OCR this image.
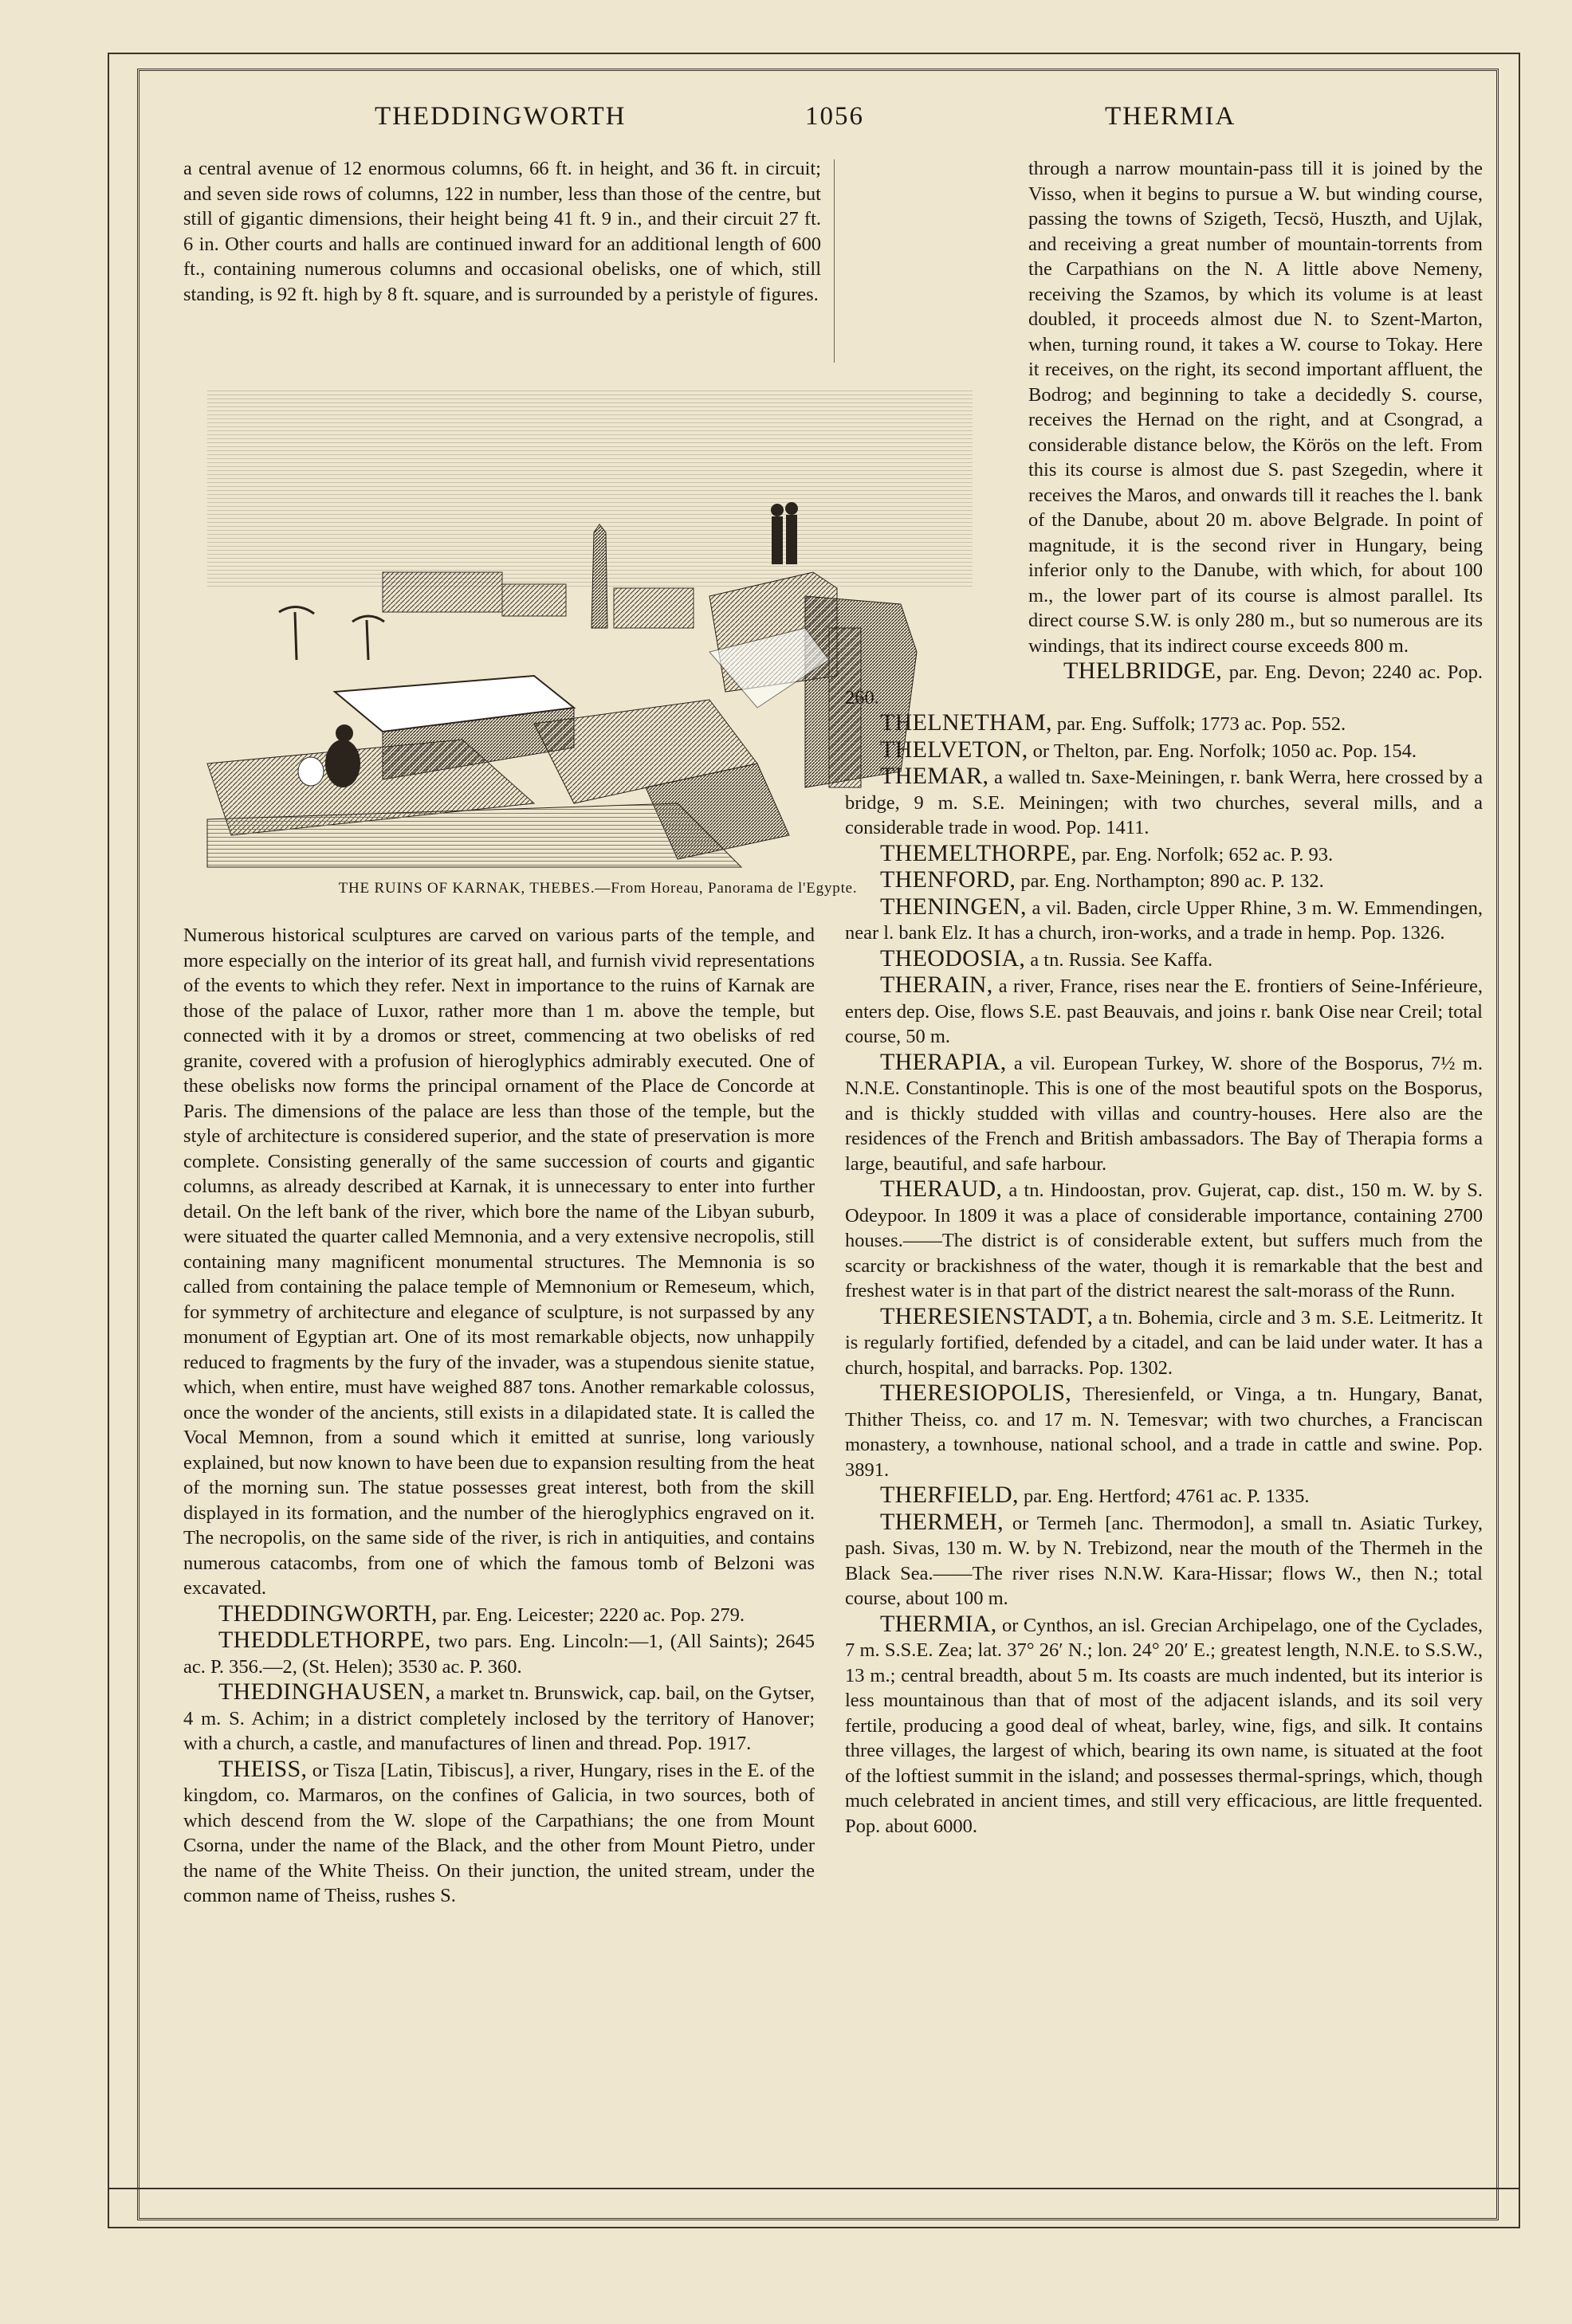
THEDDINGWORTH	1056	THERMIA

a central avenue of 12 enormous columns, 66 ft. in height, and 36 ft. in circuit; and seven side rows of columns, 122 in number, less than those of the centre, but still of gigantic dimensions, their height being 41 ft. 9 in., and their circuit 27 ft. 6 in. Other courts and halls are continued inward for an additional length of 600 ft., containing numerous columns and occasional obelisks, one of which, still standing, is 92 ft. high by 8 ft. square, and is surrounded by a peristyle of figures.

THE RUINS OF KARNAK, THEBES.—From Horeau, Panorama de l'Egypte.

Numerous historical sculptures are carved on various parts of the temple, and more especially on the interior of its great hall, and furnish vivid representations of the events to which they refer. Next in importance to the ruins of Karnak are those of the palace of Luxor, rather more than 1 m. above the temple, but connected with it by a dromos or street, commencing at two obelisks of red granite, covered with a profusion of hieroglyphics admirably executed. One of these obelisks now forms the principal ornament of the Place de Concorde at Paris. The dimensions of the palace are less than those of the temple, but the style of architecture is considered superior, and the state of preservation is more complete. Consisting generally of the same succession of courts and gigantic columns, as already described at Karnak, it is unnecessary to enter into further detail. On the left bank of the river, which bore the name of the Libyan suburb, were situated the quarter called Memnonia, and a very extensive necropolis, still containing many magnificent monumental structures. The Memnonia is so called from containing the palace temple of Memnonium or Remeseum, which, for symmetry of architecture and elegance of sculpture, is not surpassed by any monument of Egyptian art. One of its most remarkable objects, now unhappily reduced to fragments by the fury of the invader, was a stupendous sienite statue, which, when entire, must have weighed 887 tons. Another remarkable colossus, once the wonder of the ancients, still exists in a dilapidated state. It is called the Vocal Memnon, from a sound which it emitted at sunrise, long variously explained, but now known to have been due to expansion resulting from the heat of the morning sun. The statue possesses great interest, both from the skill displayed in its formation, and the number of the hieroglyphics engraved on it. The necropolis, on the same side of the river, is rich in antiquities, and contains numerous catacombs, from one of which the famous tomb of Belzoni was excavated.

THEDDINGWORTH, par. Eng. Leicester; 2220 ac. Pop. 279.

THEDDLETHORPE, two pars. Eng. Lincoln:—1, (All Saints); 2645 ac. P. 356.—2, (St. Helen); 3530 ac. P. 360.

THEDINGHAUSEN, a market tn. Brunswick, cap. bail, on the Gytser, 4 m. S. Achim; in a district completely inclosed by the territory of Hanover; with a church, a castle, and manufactures of linen and thread. Pop. 1917.

THEISS, or Tisza [Latin, Tibiscus], a river, Hungary, rises in the E. of the kingdom, co. Marmaros, on the confines of Galicia, in two sources, both of which descend from the W. slope of the Carpathians; the one from Mount Csorna, under the name of the Black, and the other from Mount Pietro, under the name of the White Theiss. On their junction, the united stream, under the common name of Theiss, rushes S.

through a narrow mountain-pass till it is joined by the Visso, when it begins to pursue a W. but winding course, passing the towns of Szigeth, Tecsö, Huszth, and Ujlak, and receiving a great number of mountain-torrents from the Carpathians on the N. A little above Nemeny, receiving the Szamos, by which its volume is at least doubled, it proceeds almost due N. to Szent-Marton, when, turning round, it takes a W. course to Tokay. Here it receives, on the right, its second important affluent, the Bodrog; and beginning to take a decidedly S. course, receives the Hernad on the right, and at Csongrad, a considerable distance below, the Körös on the left. From this its course is almost due S. past Szegedin, where it receives the Maros, and onwards till it reaches the l. bank of the Danube, about 20 m. above Belgrade. In point of magnitude, it is the second river in Hungary, being inferior only to the Danube, with which, for about 100 m., the lower part of its course is almost parallel. Its direct course S.W. is only 280 m., but so numerous are its windings, that its indirect course exceeds 800 m.

THELBRIDGE, par. Eng. Devon; 2240 ac. Pop. 260.

THELNETHAM, par. Eng. Suffolk; 1773 ac. Pop. 552.

THELVETON, or Thelton, par. Eng. Norfolk; 1050 ac. Pop. 154.

THEMAR, a walled tn. Saxe-Meiningen, r. bank Werra, here crossed by a bridge, 9 m. S.E. Meiningen; with two churches, several mills, and a considerable trade in wood. Pop. 1411.

THEMELTHORPE, par. Eng. Norfolk; 652 ac. P. 93.

THENFORD, par. Eng. Northampton; 890 ac. P. 132.

THENINGEN, a vil. Baden, circle Upper Rhine, 3 m. W. Emmendingen, near l. bank Elz. It has a church, iron-works, and a trade in hemp. Pop. 1326.

THEODOSIA, a tn. Russia. See Kaffa.

THERAIN, a river, France, rises near the E. frontiers of Seine-Inférieure, enters dep. Oise, flows S.E. past Beauvais, and joins r. bank Oise near Creil; total course, 50 m.

THERAPIA, a vil. European Turkey, W. shore of the Bosporus, 7½ m. N.N.E. Constantinople. This is one of the most beautiful spots on the Bosporus, and is thickly studded with villas and country-houses. Here also are the residences of the French and British ambassadors. The Bay of Therapia forms a large, beautiful, and safe harbour.

THERAUD, a tn. Hindoostan, prov. Gujerat, cap. dist., 150 m. W. by S. Odeypoor. In 1809 it was a place of considerable importance, containing 2700 houses.——The district is of considerable extent, but suffers much from the scarcity or brackishness of the water, though it is remarkable that the best and freshest water is in that part of the district nearest the salt-morass of the Runn.

THERESIENSTADT, a tn. Bohemia, circle and 3 m. S.E. Leitmeritz. It is regularly fortified, defended by a citadel, and can be laid under water. It has a church, hospital, and barracks. Pop. 1302.

THERESIOPOLIS, Theresienfeld, or Vinga, a tn. Hungary, Banat, Thither Theiss, co. and 17 m. N. Temesvar; with two churches, a Franciscan monastery, a townhouse, national school, and a trade in cattle and swine. Pop. 3891.

THERFIELD, par. Eng. Hertford; 4761 ac. P. 1335.

THERMEH, or Termeh [anc. Thermodon], a small tn. Asiatic Turkey, pash. Sivas, 130 m. W. by N. Trebizond, near the mouth of the Thermeh in the Black Sea.——The river rises N.N.W. Kara-Hissar; flows W., then N.; total course, about 100 m.

THERMIA, or Cynthos, an isl. Grecian Archipelago, one of the Cyclades, 7 m. S.S.E. Zea; lat. 37° 26′ N.; lon. 24° 20′ E.; greatest length, N.N.E. to S.S.W., 13 m.; central breadth, about 5 m. Its coasts are much indented, but its interior is less mountainous than that of most of the adjacent islands, and its soil very fertile, producing a good deal of wheat, barley, wine, figs, and silk. It contains three villages, the largest of which, bearing its own name, is situated at the foot of the loftiest summit in the island; and possesses thermal-springs, which, though much celebrated in ancient times, and still very efficacious, are little frequented. Pop. about 6000.
